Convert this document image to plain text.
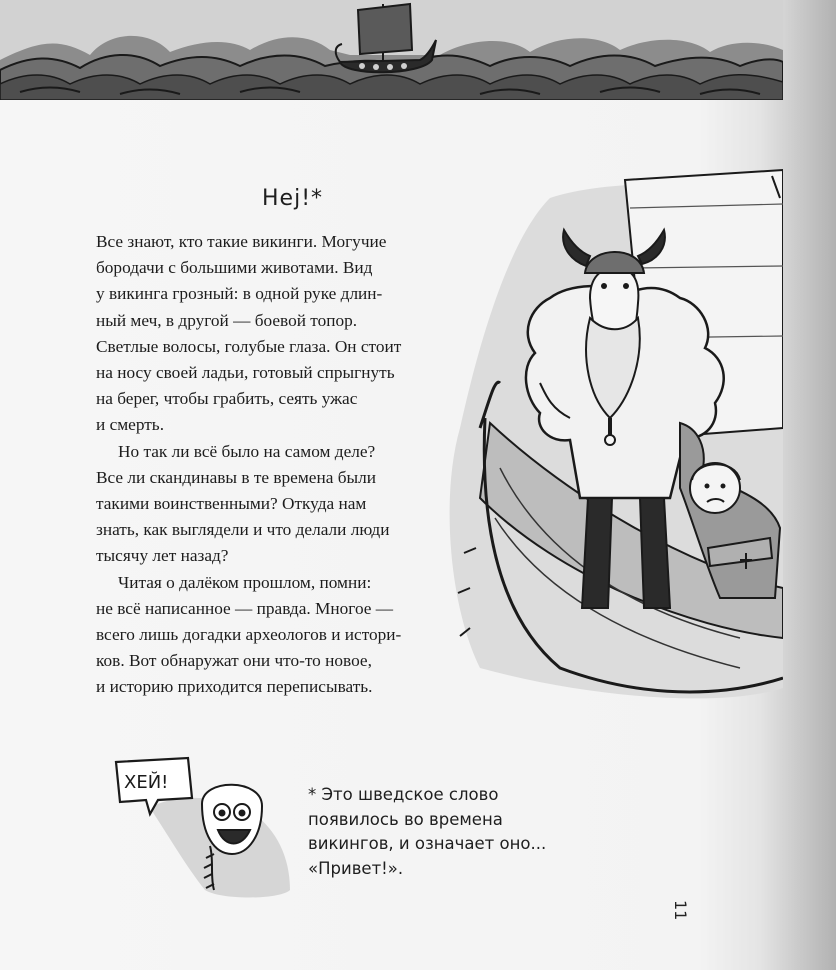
Hej!*
Все знают, кто такие викинги. Могучие
бородачи с большими животами. Вид
у викинга грозный: в одной руке длин-
ный меч, в другой — боевой топор.
Светлые волосы, голубые глаза. Он стоит
на носу своей ладьи, готовый спрыгнуть
на берег, чтобы грабить, сеять ужас
и смерть.
Но так ли всё было на самом деле?
Все ли скандинавы в те времена были
такими воинственными? Откуда нам
знать, как выглядели и что делали люди
тысячу лет назад?
Читая о далёком прошлом, помни:
не всё написанное — правда. Многое —
всего лишь догадки археологов и истори-
ков. Вот обнаружат они что-то новое,
и историю приходится переписывать.
ХЕЙ!
* Это шведское слово
появилось во времена
викингов, и означает оно...
«Привет!».
11
